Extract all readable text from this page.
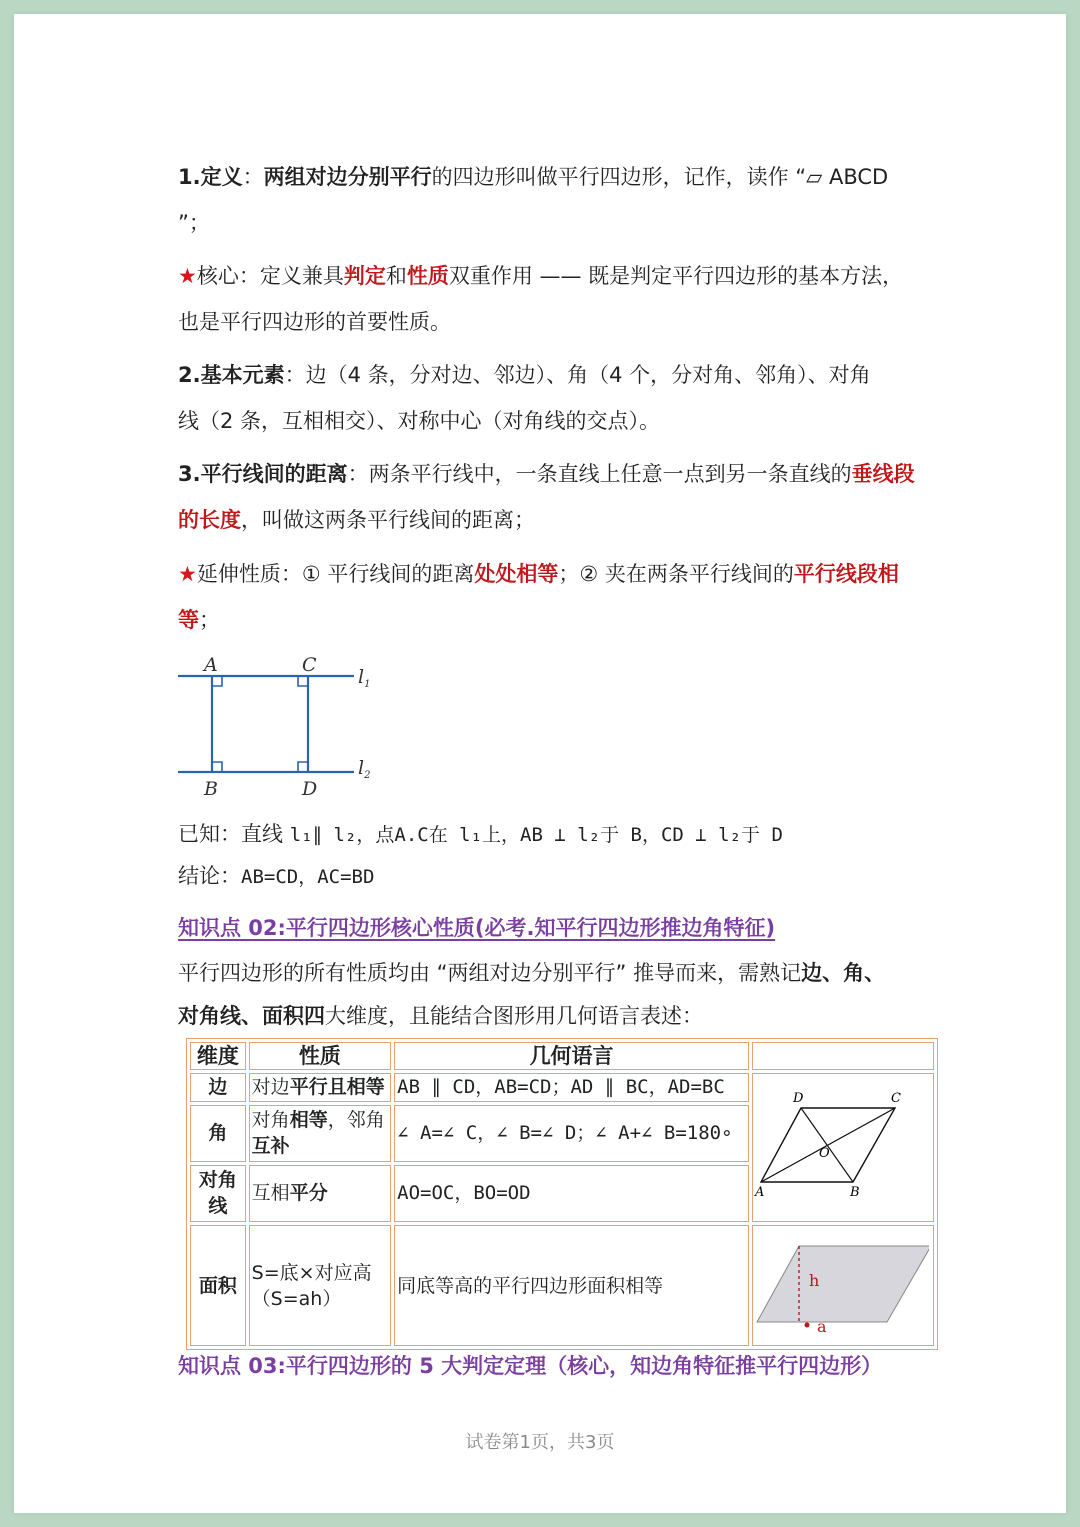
1.定义：两组对边分别平行的四边形叫做平行四边形，记作，读作 “▱ ABCD
”；
★核心：定义兼具判定和性质双重作用 —— 既是判定平行四边形的基本方法，
也是平行四边形的首要性质。
2.基本元素：边（4 条，分对边、邻边）、角（4 个，分对角、邻角）、对角
线（2 条，互相相交）、对称中心（对角线的交点）。
3.平行线间的距离：两条平行线中，一条直线上任意一点到另一条直线的垂线段
的长度，叫做这两条平行线间的距离；
★延伸性质：① 平行线间的距离处处相等；② 夹在两条平行线间的平行线段相
等；
A	C
B	D
$l_1$
$l_2$
已知：直线 l₁∥ l₂，点A.C在 l₁上，AB ⊥ l₂于 B，CD ⊥ l₂于 D
结论：AB=CD，AC=BD
知识点 02:平行四边形核心性质(必考.知平行四边形推边角特征)
平行四边形的所有性质均由 “两组对边分别平行” 推导而来，需熟记边、角、
对角线、面积四大维度，且能结合图形用几何语言表述：
维度	性质	几何语言	
边	对边平行且相等	AB ∥ CD，AB=CD；AD ∥ BC，AD=BC	A B
C
D
O

角	对角相等，邻角
互补	∠ A=∠ C，∠ B=∠ D；∠ A+∠ B=180∘	
对角线	互相平分	AO=OC，BO=OD	
面积	S=底×对应高（S=ah）	同底等高的平行四边形面积相等	h
a
知识点 03:平行四边形的 5 大判定定理（核心，知边角特征推平行四边形）
试卷第1页，共3页
